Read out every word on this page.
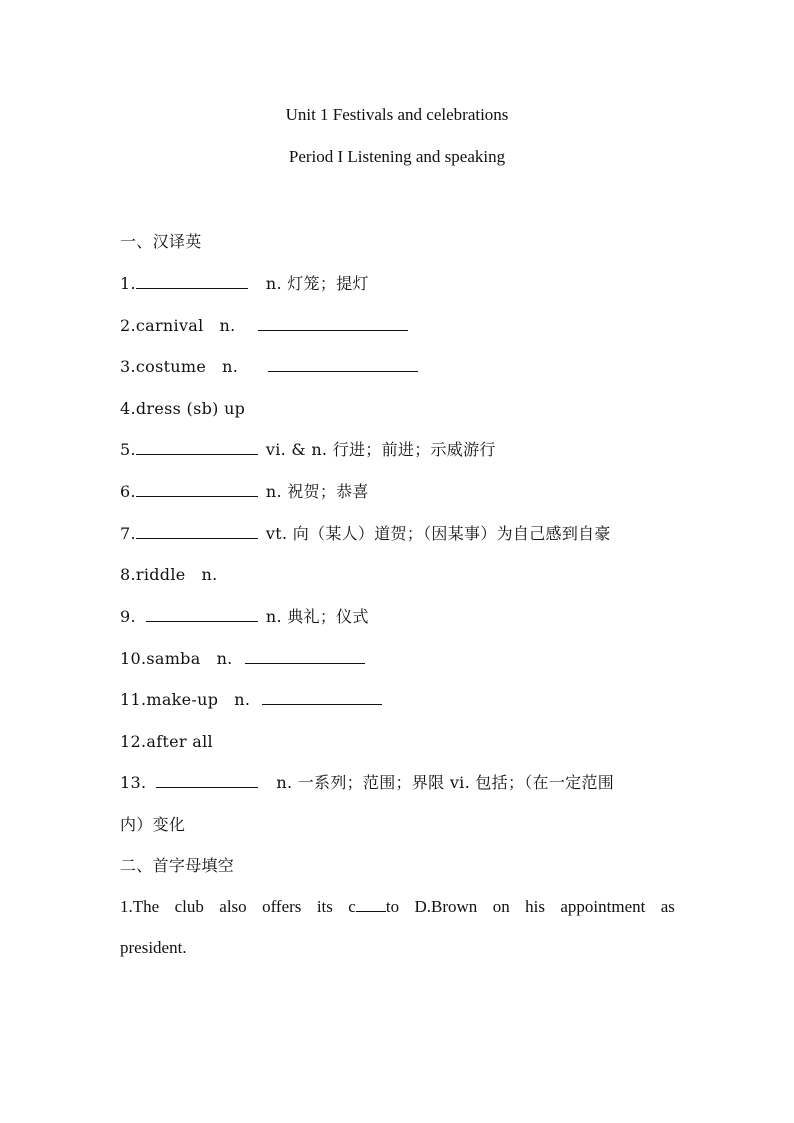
Unit 1 Festivals and celebrations
Period I Listening and speaking
一、汉译英
1.	n. 灯笼；提灯
2.carnival n.
3.costume n.
4.dress (sb) up
5.	vi. & n. 行进；前进；示威游行
6.	n. 祝贺；恭喜
7.	vt. 向（某人）道贺；（因某事）为自己感到自豪
8.riddle n.
9.	n. 典礼；仪式
10.samba n.
11.make-up n.
12.after all
13.	n. 一系列；范围；界限 vi. 包括；（在一定范围
内）变化
二、首字母填空
1.The club also offers its c to D.Brown on his appointment as
president.
